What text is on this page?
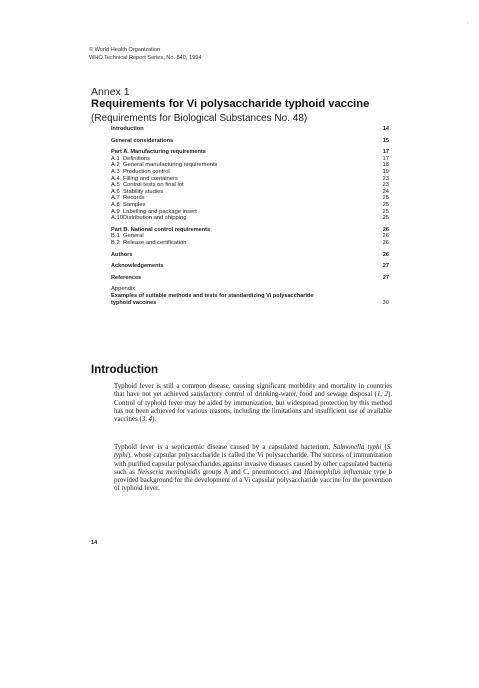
′
© World Health Organization
WHO Technical Report Series, No. 840, 1994
Annex 1
Requirements for Vi polysaccharide typhoid vaccine (Requirements for Biological Substances No. 48)
Introduction	14
General considerations	15
Part A. Manufacturing requirements	17
A.1 Definitions	17
A.2 General manufacturing requirements	18
A.3 Production control	19
A.4 Filling and containers	23
A.5 Control tests on final lot	23
A.6 Stability studies	24
A.7 Records	25
A.8 Samples	25
A.9 Labelling and package insert	25
A.10Distribution and shipping	25
Part B. National control requirements	26
B.1 General	26
B.2 Release and certification	26
Authors	26
Acknowledgements	27
References	27
Appendix
Examples of suitable methods and tests for standardizing Vi polysaccharide
typhoid vaccines	30
Introduction
Typhoid fever is still a common disease, causing significant morbidity and mortality in countries that have not yet achieved satisfactory control of drinking-water, food and sewage disposal (1, 2). Control of typhoid fever may be aided by immunization, but widespread protection by this method has not been achieved for various reasons, including the limitations and insufficient use of available vaccines (3, 4).
Typhoid fever is a septicaemic disease caused by a capsulated bacterium, Salmonella typhi (S. typhi), whose capsular polysaccharide is called the Vi polysaccharide. The success of immunization with purified capsular polysaccharides against invasive diseases caused by other capsulated bacteria such as Neisseria meningitidis groups A and C, pneumococci and Haemophilus influenzae type b provided background for the development of a Vi capsular polysaccharide vaccine for the prevention of typhoid fever.
14
